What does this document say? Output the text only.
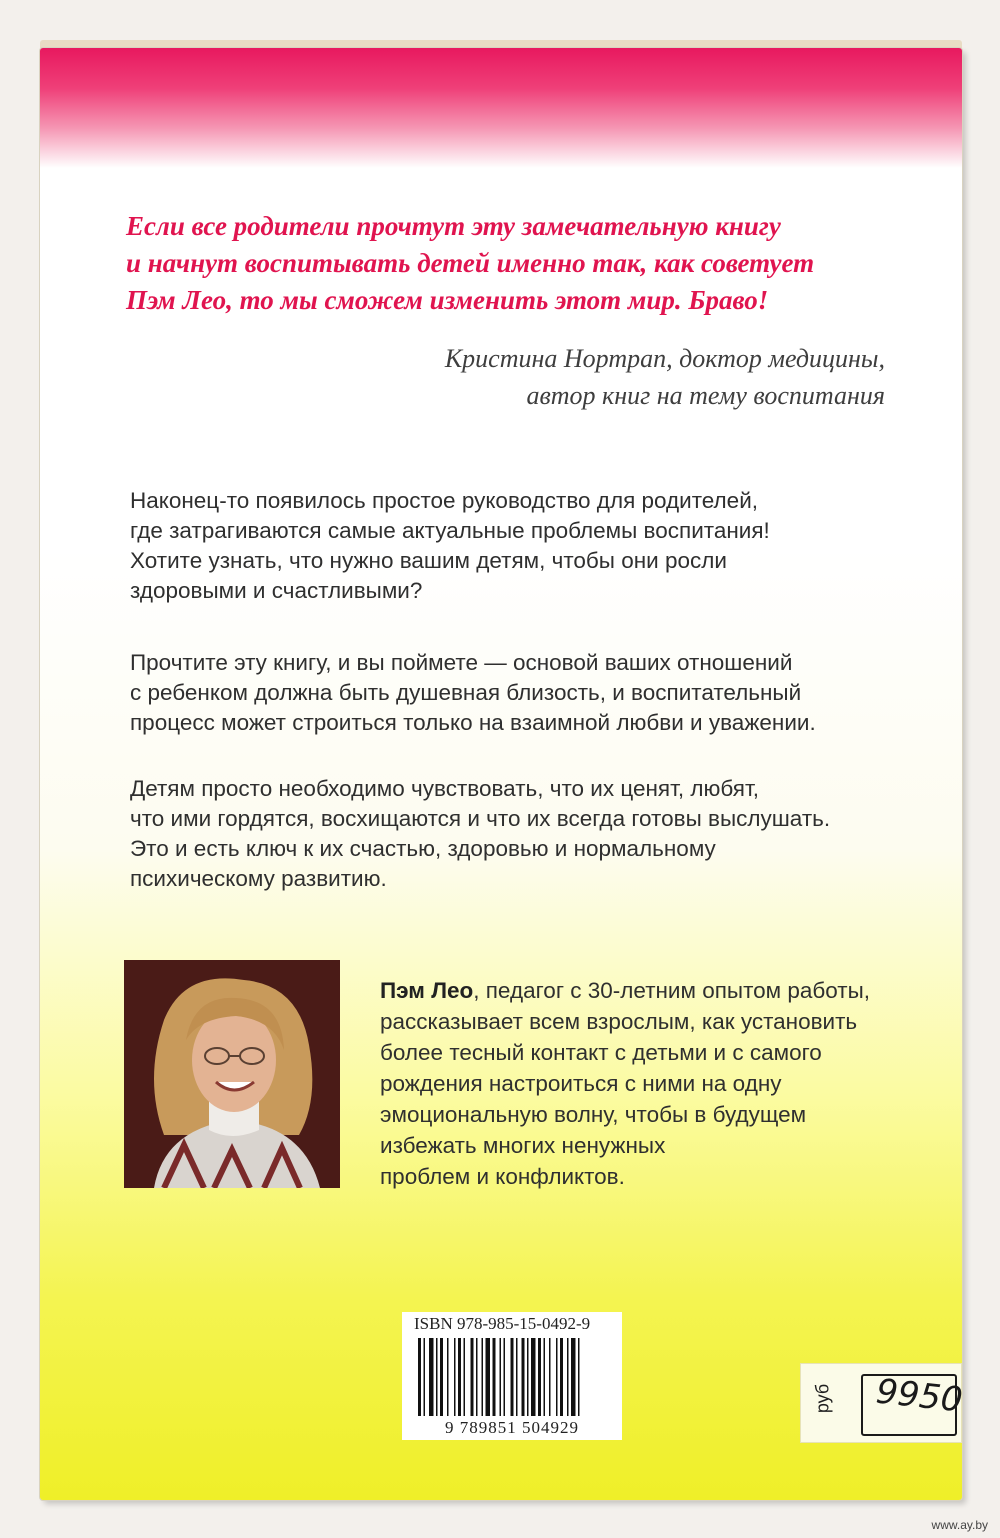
Если все родители прочтут эту замечательную книгу
и начнут воспитывать детей именно так, как советует
Пэм Лео, то мы сможем изменить этот мир. Браво!
Кристина Нортрап, доктор медицины,
автор книг на тему воспитания
Наконец-то появилось простое руководство для родителей,
где затрагиваются самые актуальные проблемы воспитания!
Хотите узнать, что нужно вашим детям, чтобы они росли
здоровыми и счастливыми?
Прочтите эту книгу, и вы поймете — основой ваших отношений
с ребенком должна быть душевная близость, и воспитательный
процесс может строиться только на взаимной любви и уважении.
Детям просто необходимо чувствовать, что их ценят, любят,
что ими гордятся, восхищаются и что их всегда готовы выслушать.
Это и есть ключ к их счастью, здоровью и нормальному
психическому развитию.
Пэм Лео, педагог с 30-летним опытом работы,
рассказывает всем взрослым, как установить
более тесный контакт с детьми и с самого
рождения настроиться с ними на одну
эмоциональную волну, чтобы в будущем
избежать многих ненужных
проблем и конфликтов.
ISBN 978-985-15-0492-9
9 789851 504929
руб 9950
www.ay.by
